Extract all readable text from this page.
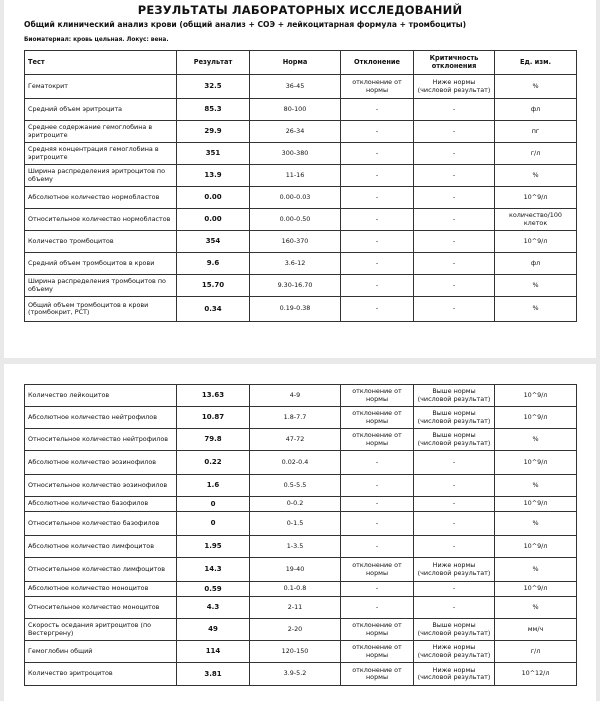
РЕЗУЛЬТАТЫ ЛАБОРАТОРНЫХ ИССЛЕДОВАНИЙ
Общий клинический анализ крови (общий анализ + СОЭ + лейкоцитарная формула + тромбоциты)
Биоматериал: кровь цельная. Локус: вена.
Тест	Результат	Норма	Отклонение	Критичность отклонения	Ед. изм.
Гематокрит	32.5	36-45	отклонение от нормы	Ниже нормы (числовой результат)	%
Средний объем эритроцита	85.3	80-100	-	-	фл
Среднее содержание гемоглобина в эритроците	29.9	26-34	-	-	пг
Средняя концентрация гемоглобина в эритроците	351	300-380	-	-	г/л
Ширина распределения эритроцитов по объему	13.9	11-16	-	-	%
Абсолютное количество нормобластов	0.00	0.00-0.03	-	-	10^9/л
Относительное количество нормобластов	0.00	0.00-0.50	-	-	количество/100 клеток
Количество тромбоцитов	354	160-370	-	-	10^9/л
Средний объем тромбоцитов в крови	9.6	3.6-12	-	-	фл
Ширина распределения тромбоцитов по объему	15.70	9.30-16.70	-	-	%
Общий объем тромбоцитов в крови (тромбокрит, PCT)	0.34	0.19-0.38	-	-	%
Количество лейкоцитов	13.63	4-9	отклонение от нормы	Выше нормы (числовой результат)	10^9/л
Абсолютное количество нейтрофилов	10.87	1.8-7.7	отклонение от нормы	Выше нормы (числовой результат)	10^9/л
Относительное количество нейтрофилов	79.8	47-72	отклонение от нормы	Выше нормы (числовой результат)	%
Абсолютное количество эозинофилов	0.22	0.02-0.4	-	-	10^9/л
Относительное количество эозинофилов	1.6	0.5-5.5	-	-	%
Абсолютное количество базофилов	0	0-0.2	-	-	10^9/л
Относительное количество базофилов	0	0-1.5	-	-	%
Абсолютное количество лимфоцитов	1.95	1-3.5	-	-	10^9/л
Относительное количество лимфоцитов	14.3	19-40	отклонение от нормы	Ниже нормы (числовой результат)	%
Абсолютное количество моноцитов	0.59	0.1-0.8	-	-	10^9/л
Относительное количество моноцитов	4.3	2-11	-	-	%
Скорость оседания эритроцитов (по Вестергрену)	49	2-20	отклонение от нормы	Выше нормы (числовой результат)	мм/ч
Гемоглобин общий	114	120-150	отклонение от нормы	Ниже нормы (числовой результат)	г/л
Количество эритроцитов	3.81	3.9-5.2	отклонение от нормы	Ниже нормы (числовой результат)	10^12/л
